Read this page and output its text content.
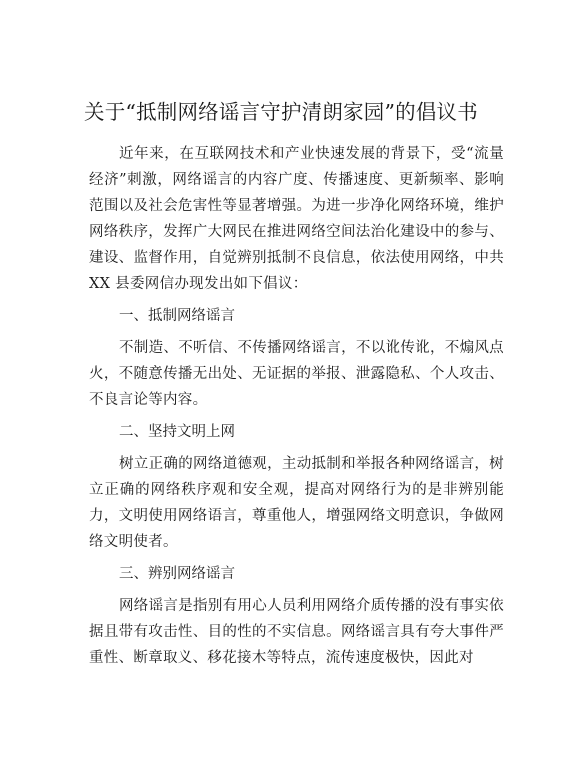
关于“抵制网络谣言守护清朗家园”的倡议书

近年来，在互联网技术和产业快速发展的背景下，受“流量经济”刺激，网络谣言的内容广度、传播速度、更新频率、影响范围以及社会危害性等显著增强。为进一步净化网络环境，维护网络秩序，发挥广大网民在推进网络空间法治化建设中的参与、建设、监督作用，自觉辨别抵制不良信息，依法使用网络，中共 XX 县委网信办现发出如下倡议：

一、抵制网络谣言

不制造、不听信、不传播网络谣言，不以讹传讹，不煽风点火，不随意传播无出处、无证据的举报、泄露隐私、个人攻击、不良言论等内容。

二、坚持文明上网

树立正确的网络道德观，主动抵制和举报各种网络谣言，树立正确的网络秩序观和安全观，提高对网络行为的是非辨别能力，文明使用网络语言，尊重他人，增强网络文明意识，争做网络文明使者。

三、辨别网络谣言

网络谣言是指别有用心人员利用网络介质传播的没有事实依据且带有攻击性、目的性的不实信息。网络谣言具有夸大事件严重性、断章取义、移花接木等特点，流传速度极快，因此对
